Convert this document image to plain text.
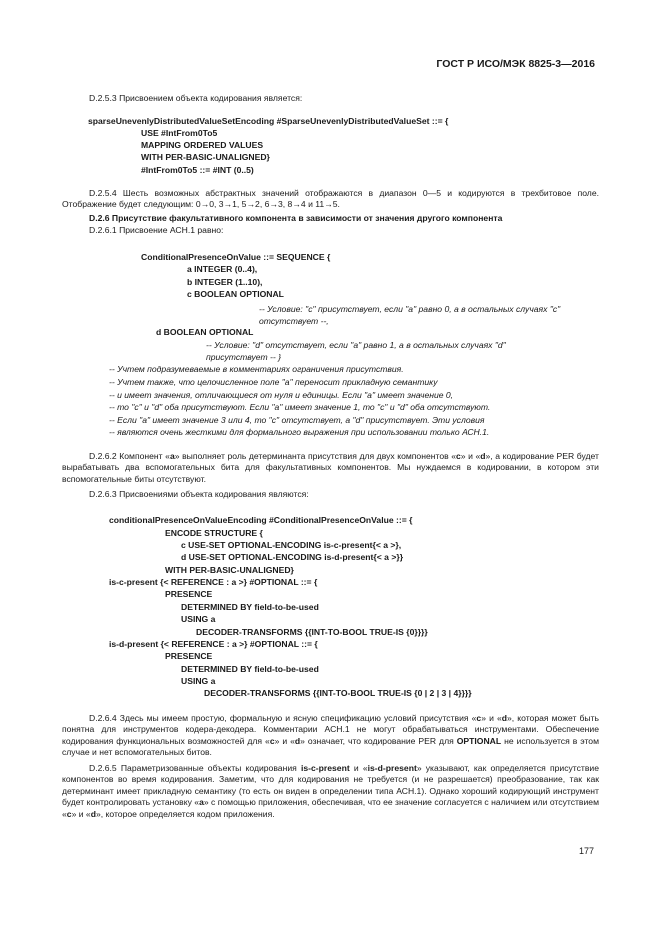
ГОСТ Р ИСО/МЭК 8825-3—2016
D.2.5.3 Присвоением объекта кодирования является:
sparseUnevenlyDistributedValueSetEncoding #SparseUnevenlyDistributedValueSet ::= {
USE #IntFrom0To5
MAPPING ORDERED VALUES
WITH PER-BASIC-UNALIGNED}
#IntFrom0To5 ::= #INT (0..5)
D.2.5.4 Шесть возможных абстрактных значений отображаются в диапазон 0—5 и кодируются в трехбитовое поле. Отображение будет следующим: 0→0, 3→1, 5→2, 6→3, 8→4 и 11→5.
D.2.6 Присутствие факультативного компонента в зависимости от значения другого компонента
D.2.6.1 Присвоение АСН.1 равно:
ConditionalPresenceOnValue ::= SEQUENCE {
a INTEGER (0..4),
b INTEGER (1..10),
c BOOLEAN OPTIONAL
-- Условие: "c" присутствует, если "a" равно 0, а в остальных случаях "c"
отсутствует --,
d BOOLEAN OPTIONAL
-- Условие: "d" отсутствует, если "a" равно 1, а в остальных случаях "d"
присутствует -- }
-- Учтем подразумеваемые в комментариях ограничения присутствия.
-- Учтем также, что целочисленное поле "a" переносит прикладную семантику
-- и имеет значения, отличающиеся от нуля и единицы. Если "a" имеет значение 0,
-- то "c" и "d" оба присутствуют. Если "a" имеет значение 1, то "c" и "d" оба отсутствуют.
-- Если "a" имеет значение 3 или 4, то "c" отсутствует, а "d" присутствует. Эти условия
-- являются очень жесткими для формального выражения при использовании только АСН.1.
D.2.6.2 Компонент «a» выполняет роль детерминанта присутствия для двух компонентов «c» и «d», а кодирование PER будет вырабатывать два вспомогательных бита для факультативных компонентов. Мы нуждаемся в кодировании, в котором эти вспомогательные биты отсутствуют.
D.2.6.3 Присвоениями объекта кодирования являются:
conditionalPresenceOnValueEncoding #ConditionalPresenceOnValue ::= {
ENCODE STRUCTURE {
c USE-SET OPTIONAL-ENCODING is-c-present{< a >},
d USE-SET OPTIONAL-ENCODING is-d-present{< a >}}
WITH PER-BASIC-UNALIGNED}
is-c-present {< REFERENCE : a >} #OPTIONAL ::= {
PRESENCE
DETERMINED BY field-to-be-used
USING a
DECODER-TRANSFORMS {{INT-TO-BOOL TRUE-IS {0}}}}
is-d-present {< REFERENCE : a >} #OPTIONAL ::= {
PRESENCE
DETERMINED BY field-to-be-used
USING a
DECODER-TRANSFORMS {{INT-TO-BOOL TRUE-IS {0 | 2 | 3 | 4}}}}
D.2.6.4 Здесь мы имеем простую, формальную и ясную спецификацию условий присутствия «c» и «d», которая может быть понятна для инструментов кодера-декодера. Комментарии АСН.1 не могут обрабатываться инструментами. Обеспечение кодирования функциональных возможностей для «c» и «d» означает, что кодирование PER для OPTIONAL не используется в этом случае и нет вспомогательных битов.
D.2.6.5 Параметризованные объекты кодирования is-c-present и «is-d-present» указывают, как определяется присутствие компонентов во время кодирования. Заметим, что для кодирования не требуется (и не разрешается) преобразование, так как детерминант имеет прикладную семантику (то есть он виден в определении типа АСН.1). Однако хороший кодирующий инструмент будет контролировать установку «a» с помощью приложения, обеспечивая, что ее значение согласуется с наличием или отсутствием «c» и «d», которое определяется кодом приложения.
177
